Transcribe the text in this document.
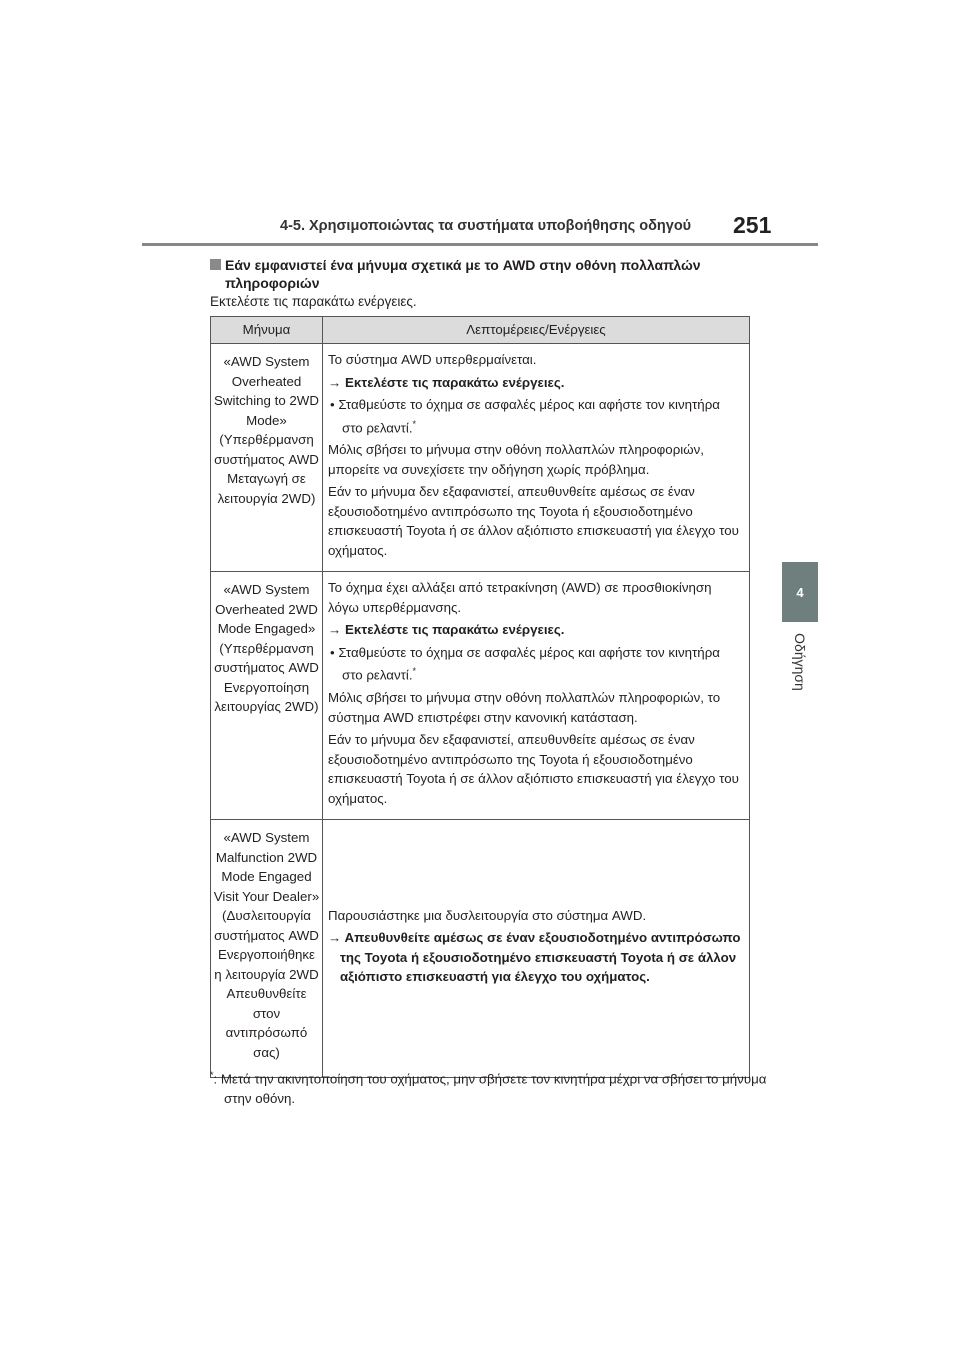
4-5. Χρησιμοποιώντας τα συστήματα υποβοήθησης οδηγού 251
4
Οδήγηση
Εάν εμφανιστεί ένα μήνυμα σχετικά με το AWD στην οθόνη πολλαπλών πληροφοριών
Εκτελέστε τις παρακάτω ενέργειες.
Μήνυμα	Λεπτομέρειες/Ενέργειες
«AWD System Overheated Switching to 2WD Mode» (Υπερθέρμανση συστήματος AWD Μεταγωγή σε λειτουργία 2WD)	Το σύστημα AWD υπερθερμαίνεται.

→ Εκτελέστε τις παρακάτω ενέργειες.

• Σταθμεύστε το όχημα σε ασφαλές μέρος και αφήστε τον κινητήρα στο ρελαντί.*

Μόλις σβήσει το μήνυμα στην οθόνη πολλαπλών πληροφοριών, μπορείτε να συνεχίσετε την οδήγηση χωρίς πρόβλημα.

Εάν το μήνυμα δεν εξαφανιστεί, απευθυνθείτε αμέσως σε έναν εξουσιοδοτημένο αντιπρόσωπο της Toyota ή εξουσιοδοτημένο επισκευαστή Toyota ή σε άλλον αξιόπιστο επισκευαστή για έλεγχο του οχήματος.

«AWD System Overheated 2WD Mode Engaged» (Υπερθέρμανση συστήματος AWD Ενεργοποίηση λειτουργίας 2WD)	Το όχημα έχει αλλάξει από τετρακίνηση (AWD) σε προσθιοκίνηση λόγω υπερθέρμανσης.

→ Εκτελέστε τις παρακάτω ενέργειες.

• Σταθμεύστε το όχημα σε ασφαλές μέρος και αφήστε τον κινητήρα στο ρελαντί.*

Μόλις σβήσει το μήνυμα στην οθόνη πολλαπλών πληροφοριών, το σύστημα AWD επιστρέφει στην κανονική κατάσταση.

Εάν το μήνυμα δεν εξαφανιστεί, απευθυνθείτε αμέσως σε έναν εξουσιοδοτημένο αντιπρόσωπο της Toyota ή εξουσιοδοτημένο επισκευαστή Toyota ή σε άλλον αξιόπιστο επισκευαστή για έλεγχο του οχήματος.

«AWD System Malfunction 2WD Mode Engaged Visit Your Dealer» (Δυσλειτουργία συστήματος AWD Ενεργοποιήθηκε η λειτουργία 2WD Απευθυνθείτε στον αντιπρόσωπό σας)	Παρουσιάστηκε μια δυσλειτουργία στο σύστημα AWD.

→ Απευθυνθείτε αμέσως σε έναν εξουσιοδοτημένο αντιπρόσωπο της Toyota ή εξουσιοδοτημένο επισκευαστή Toyota ή σε άλλον αξιόπιστο επισκευαστή για έλεγχο του οχήματος.

*: Μετά την ακινητοποίηση του οχήματος, μην σβήσετε τον κινητήρα μέχρι να σβήσει το μήνυμα στην οθόνη.
